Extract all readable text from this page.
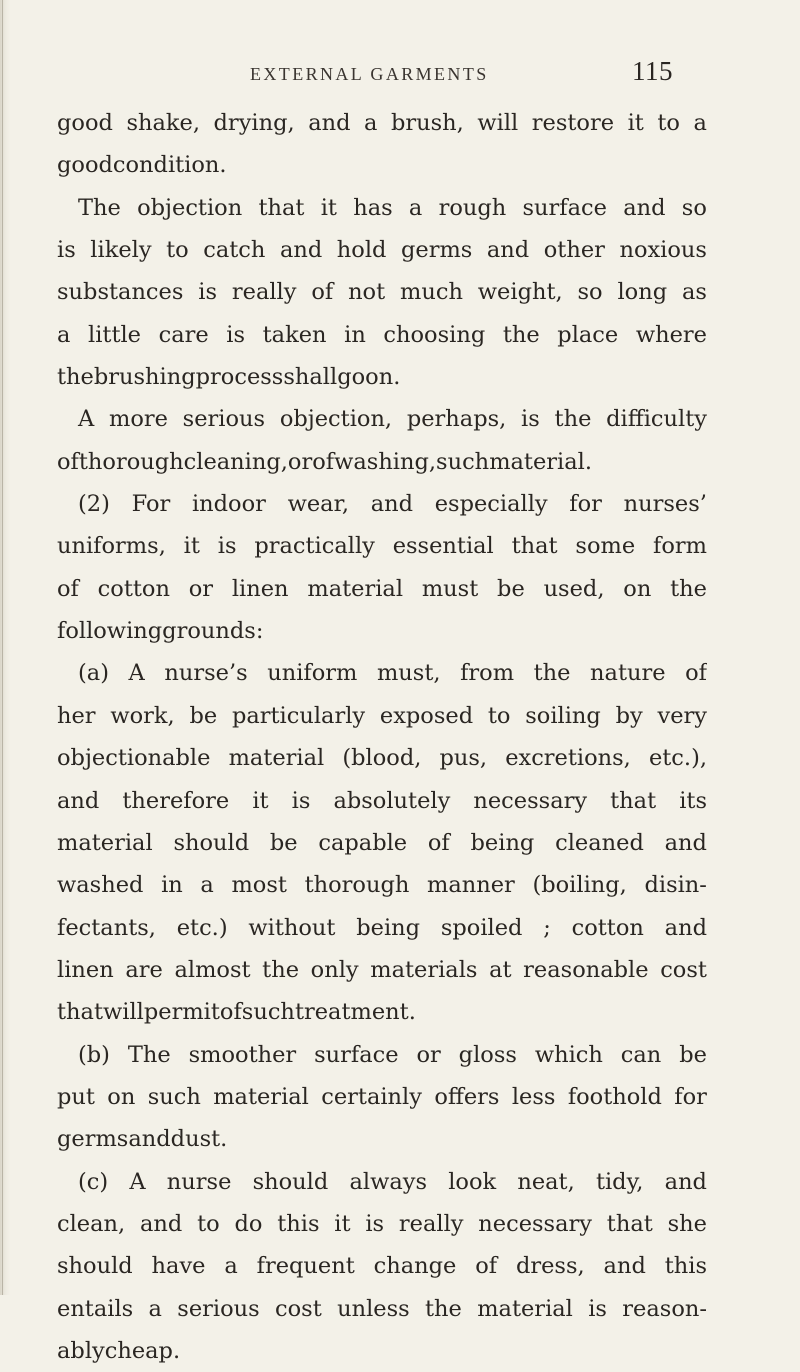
EXTERNAL GARMENTS	115
good shake, drying, and a brush, will restore it to a
good condition.
The objection that it has a rough surface and so
is likely to catch and hold germs and other noxious
substances is really of not much weight, so long as
a little care is taken in choosing the place where
the brushing process shall go on.
A more serious objection, perhaps, is the difficulty
of thorough cleaning, or of washing, such material.
(2) For indoor wear, and especially for nurses’
uniforms, it is practically essential that some form
of cotton or linen material must be used, on the
following grounds :
(a) A nurse’s uniform must, from the nature of
her work, be particularly exposed to soiling by very
objectionable material (blood, pus, excretions, etc.),
and therefore it is absolutely necessary that its
material should be capable of being cleaned and
washed in a most thorough manner (boiling, disin-
fectants, etc.) without being spoiled ; cotton and
linen are almost the only materials at reasonable cost
that will permit of such treatment.
(b) The smoother surface or gloss which can be
put on such material certainly offers less foothold for
germs and dust.
(c) A nurse should always look neat, tidy, and
clean, and to do this it is really necessary that she
should have a frequent change of dress, and this
entails a serious cost unless the material is reason-
ably cheap.
